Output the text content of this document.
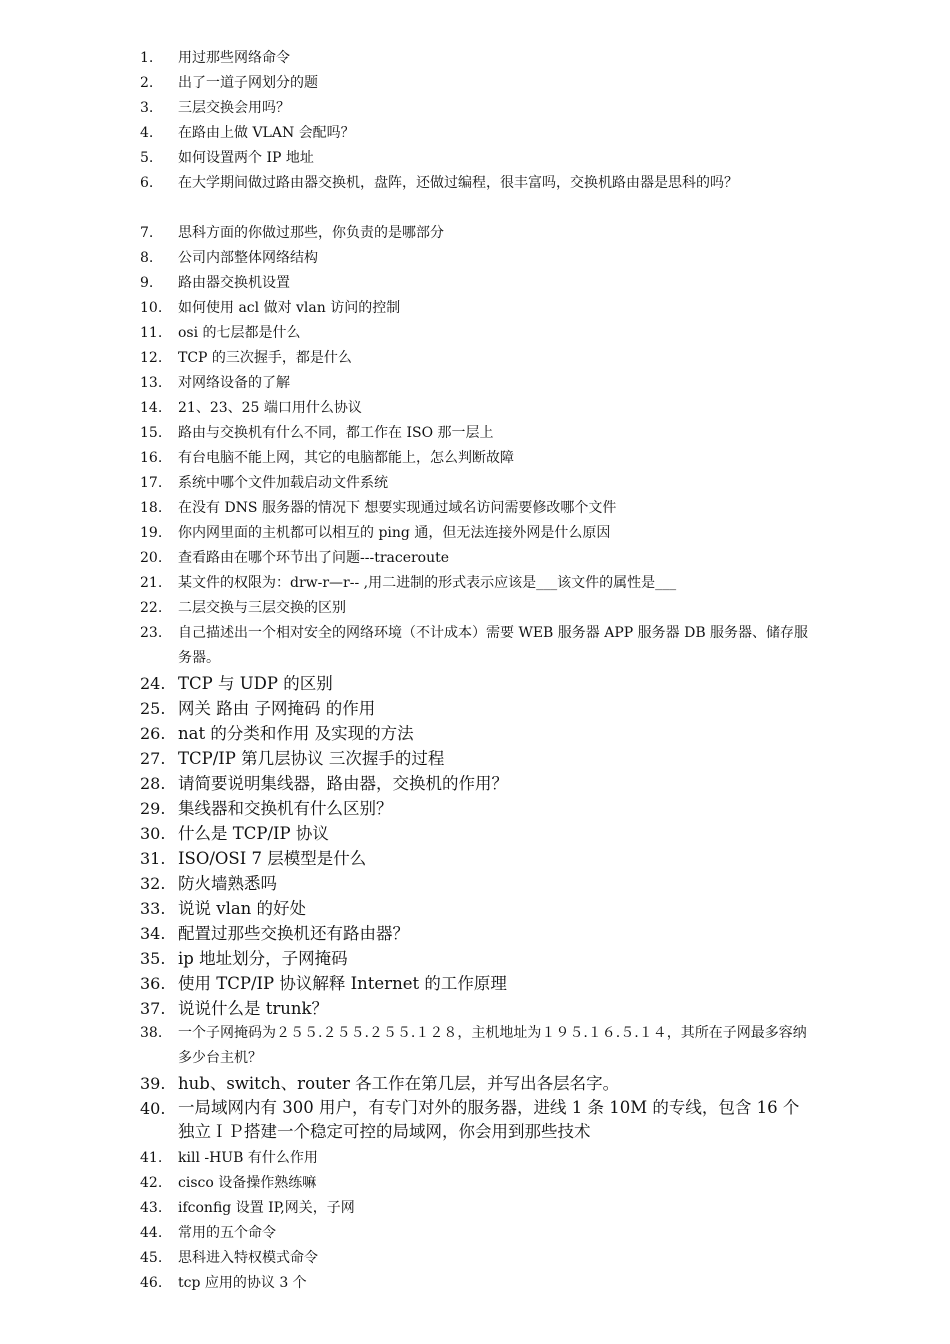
1.	用过那些网络命令
2.	出了一道子网划分的题
3.	三层交换会用吗？
4.	在路由上做 VLAN 会配吗？
5.	如何设置两个 IP 地址
6.	在大学期间做过路由器交换机，盘阵，还做过编程，很丰富吗，交换机路由器是思科的吗？
7.	思科方面的你做过那些，你负责的是哪部分
8.	公司内部整体网络结构
9.	路由器交换机设置
10.	如何使用 acl 做对 vlan 访问的控制
11.	osi 的七层都是什么
12.	TCP 的三次握手，都是什么
13.	对网络设备的了解
14.	21、23、25 端口用什么协议
15.	路由与交换机有什么不同，都工作在 ISO 那一层上
16.	有台电脑不能上网，其它的电脑都能上，怎么判断故障
17.	系统中哪个文件加载启动文件系统
18.	在没有 DNS 服务器的情况下 想要实现通过域名访问需要修改哪个文件
19.	你内网里面的主机都可以相互的 ping 通，但无法连接外网是什么原因
20.	查看路由在哪个环节出了问题---traceroute
21.	某文件的权限为：drw-r—r-- ,用二进制的形式表示应该是___该文件的属性是___
22.	二层交换与三层交换的区别
23.	自己描述出一个相对安全的网络环境（不计成本）需要 WEB 服务器 APP 服务器 DB 服务器、储存服务器。
24. TCP 与 UDP 的区别
25. 网关 路由 子网掩码 的作用
26. nat 的分类和作用 及实现的方法
27. TCP/IP 第几层协议 三次握手的过程
28. 请简要说明集线器，路由器，交换机的作用？
29. 集线器和交换机有什么区别？
30. 什么是 TCP/IP 协议
31. ISO/OSI 7 层模型是什么
32. 防火墙熟悉吗
33. 说说 vlan 的好处
34. 配置过那些交换机还有路由器？
35. ip 地址划分，子网掩码
36. 使用 TCP/IP 协议解释 Internet 的工作原理
37. 说说什么是 trunk？
38.	一个子网掩码为２５５.２５５.２５５.１２８，主机地址为１９５.１６.５.１４，其所在子网最多容纳多少台主机？
39. hub、switch、router 各工作在第几层，并写出各层名字。
40. 一局域网内有 300 用户，有专门对外的服务器，进线 1 条 10M 的专线，包含 16 个独立ＩＰ搭建一个稳定可控的局域网，你会用到那些技术
41.	kill -HUB 有什么作用
42.	cisco 设备操作熟练嘛
43.	ifconfig 设置 IP,网关，子网
44.	常用的五个命令
45.	思科进入特权模式命令
46.	tcp 应用的协议 3 个
